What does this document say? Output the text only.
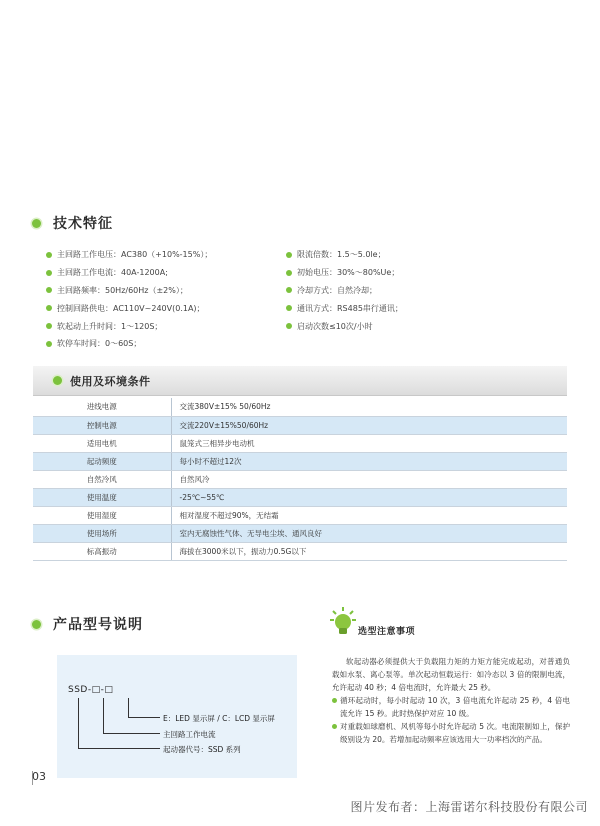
技术特征
主回路工作电压：AC380（+10%-15%）；
主回路工作电流：40A-1200A;
主回路频率：50Hz/60Hz（±2%）；
控制回路供电：AC110V~240V(0.1A)；
软起动上升时间：1～120S；
软停车时间：0～60S；
限流倍数：1.5～5.0le；
初始电压：30%～80%Ue；
冷却方式：自然冷却；
通讯方式：RS485串行通讯；
启动次数≤10次/小时
使用及环境条件
进线电源	交流380V±15% 50/60Hz
控制电源	交流220V±15%50/60Hz
适用电机	鼠笼式三相异步电动机
起动频度	每小时不超过12次
自然冷风	自然风冷
使用温度	-25℃~55℃
使用湿度	相对湿度不超过90%，无结霜
使用场所	室内无腐蚀性气体、无导电尘埃、通风良好
标高振动	海拔在3000米以下，振动力0.5G以下
产品型号说明
SSD-□-□
E：LED 显示屏 / C：LCD 显示屏
主回路工作电流
起动器代号：SSD 系列
03
选型注意事项

软起动器必须提供大于负载阻力矩的力矩方能完成起动，对普通负载如水泵、离心泵等。单次起动恒载运行：如冷态以 3 倍的限制电流，允许起动 40 秒；4 倍电流时，允许最大 25 秒。

循环起动时，每小时起动 10 次，3 倍电流允许起动 25 秒，4 倍电流允许 15 秒。此时热保护对应 10 级。

对重载如球磨机、风机等每小时允许起动 5 次。电流限制如上，保护级别设为 20。若增加起动频率应该选用大一功率档次的产品。

图片发布者：上海雷诺尔科技股份有限公司
